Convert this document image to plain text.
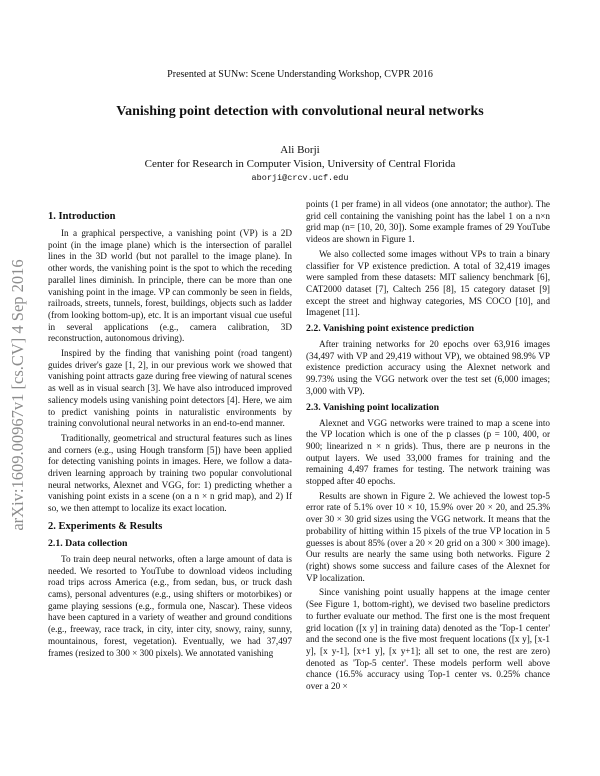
Presented at SUNw: Scene Understanding Workshop, CVPR 2016
Vanishing point detection with convolutional neural networks
Ali Borji
Center for Research in Computer Vision, University of Central Florida
aborji@crcv.ucf.edu
arXiv:1609.00967v1 [cs.CV] 4 Sep 2016
1. Introduction

In a graphical perspective, a vanishing point (VP) is a 2D point (in the image plane) which is the intersection of parallel lines in the 3D world (but not parallel to the image plane). In other words, the vanishing point is the spot to which the receding parallel lines diminish. In principle, there can be more than one vanishing point in the image. VP can commonly be seen in fields, railroads, streets, tunnels, forest, buildings, objects such as ladder (from looking bottom-up), etc. It is an important visual cue useful in several applications (e.g., camera calibration, 3D reconstruction, autonomous driving).

Inspired by the finding that vanishing point (road tangent) guides driver's gaze [1, 2], in our previous work we showed that vanishing point attracts gaze during free viewing of natural scenes as well as in visual search [3]. We have also introduced improved saliency models using vanishing point detectors [4]. Here, we aim to predict vanishing points in naturalistic environments by training convolutional neural networks in an end-to-end manner.

Traditionally, geometrical and structural features such as lines and corners (e.g., using Hough transform [5]) have been applied for detecting vanishing points in images. Here, we follow a data-driven learning approach by training two popular convolutional neural networks, Alexnet and VGG, for: 1) predicting whether a vanishing point exists in a scene (on a n × n grid map), and 2) If so, we then attempt to localize its exact location.

2. Experiments & Results
2.1. Data collection

To train deep neural networks, often a large amount of data is needed. We resorted to YouTube to download videos including road trips across America (e.g., from sedan, bus, or truck dash cams), personal adventures (e.g., using shifters or motorbikes) or game playing sessions (e.g., formula one, Nascar). These videos have been captured in a variety of weather and ground conditions (e.g., freeway, race track, in city, inter city, snowy, rainy, sunny, mountainous, forest, vegetation). Eventually, we had 37,497 frames (resized to 300 × 300 pixels). We annotated vanishing

points (1 per frame) in all videos (one annotator; the author). The grid cell containing the vanishing point has the label 1 on a n×n grid map (n= [10, 20, 30]). Some example frames of 29 YouTube videos are shown in Figure 1.

We also collected some images without VPs to train a binary classifier for VP existence prediction. A total of 32,419 images were sampled from these datasets: MIT saliency benchmark [6], CAT2000 dataset [7], Caltech 256 [8], 15 category dataset [9] except the street and highway categories, MS COCO [10], and Imagenet [11].

2.2. Vanishing point existence prediction

After training networks for 20 epochs over 63,916 images (34,497 with VP and 29,419 without VP), we obtained 98.9% VP existence prediction accuracy using the Alexnet network and 99.73% using the VGG network over the test set (6,000 images; 3,000 with VP).

2.3. Vanishing point localization

Alexnet and VGG networks were trained to map a scene into the VP location which is one of the p classes (p = 100, 400, or 900; linearized n × n grids). Thus, there are p neurons in the output layers. We used 33,000 frames for training and the remaining 4,497 frames for testing. The network training was stopped after 40 epochs.

Results are shown in Figure 2. We achieved the lowest top-5 error rate of 5.1% over 10 × 10, 15.9% over 20 × 20, and 25.3% over 30 × 30 grid sizes using the VGG network. It means that the probability of hitting within 15 pixels of the true VP location in 5 guesses is about 85% (over a 20 × 20 grid on a 300 × 300 image). Our results are nearly the same using both networks. Figure 2 (right) shows some success and failure cases of the Alexnet for VP localization.

Since vanishing point usually happens at the image center (See Figure 1, bottom-right), we devised two baseline predictors to further evaluate our method. The first one is the most frequent grid location ([x y] in training data) denoted as the 'Top-1 center' and the second one is the five most frequent locations ([x y], [x-1 y], [x y-1], [x+1 y], [x y+1]; all set to one, the rest are zero) denoted as 'Top-5 center'. These models perform well above chance (16.5% accuracy using Top-1 center vs. 0.25% chance over a 20 ×
